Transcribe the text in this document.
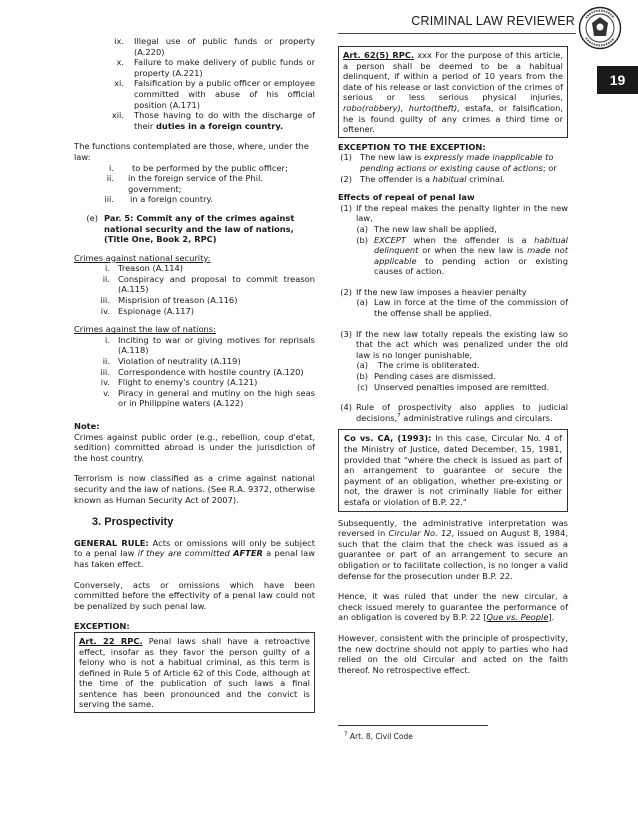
CRIMINAL LAW REVIEWER
19
ix.	Illegal use of public funds or property (A.220)
x.	Failure to make delivery of public funds or property (A.221)
xi.	Falsification by a public officer or employee committed with abuse of his official position (A.171)
xii.	Those having to do with the discharge of their duties in a foreign country.

The functions contemplated are those, where, under the law:

i.	to be performed by the public officer;
ii.	in the foreign service of the Phil. government;
iii.	in a foreign country.
(e) Par. 5: Commit any of the crimes against national security and the law of nations, (Title One, Book 2, RPC)

Crimes against national security:

i. Treason (A.114)
ii. Conspiracy and proposal to commit treason (A.115)
iii. Misprision of treason (A.116)
iv. Espionage (A.117)

Crimes against the law of nations:

i. Inciting to war or giving motives for reprisals (A.118)
ii. Violation of neutrality (A.119)
iii. Correspondence with hostile country (A.120)
iv. Flight to enemy's country (A.121)
v. Piracy in general and mutiny on the high seas or in Philippine waters (A.122)

Note:

Crimes against public order (e.g., rebellion, coup d'etat, sedition) committed abroad is under the jurisdiction of the host country.

Terrorism is now classified as a crime against national security and the law of nations. (See R.A. 9372, otherwise known as Human Security Act of 2007).

3. Prospectivity

GENERAL RULE: Acts or omissions will only be subject to a penal law if they are committed AFTER a penal law has taken effect.

Conversely, acts or omissions which have been committed before the effectivity of a penal law could not be penalized by such penal law.

EXCEPTION:

Art. 22 RPC. Penal laws shall have a retroactive effect, insofar as they favor the person guilty of a felony who is not a habitual criminal, as this term is defined in Rule 5 of Article 62 of this Code, although at the time of the publication of such laws a final sentence has been pronounced and the convict is serving the same.
Art. 62(5) RPC. xxx For the purpose of this article, a person shall be deemed to be a habitual delinquent, if within a period of 10 years from the date of his release or last conviction of the crimes of serious or less serious physical injuries, robo(robbery), hurto(theft), estafa, or falsification, he is found guilty of any crimes a third time or oftener.

EXCEPTION TO THE EXCEPTION:

(1) The new law is expressly made inapplicable to pending actions or existing cause of actions; or
(2) The offender is a habitual criminal.

Effects of repeal of penal law

(1) If the repeal makes the penalty lighter in the new law,
(a) The new law shall be applied,
(b) EXCEPT when the offender is a habitual delinquent or when the new law is made not applicable to pending action or existing causes of action.
(2) If the new law imposes a heavier penalty
(a) Law in force at the time of the commission of the offense shall be applied.
(3) If the new law totally repeals the existing law so that the act which was penalized under the old law is no longer punishable,
(a)	The crime is obliterated.
(b) Pending cases are dismissed.
(c) Unserved penalties imposed are remitted.
(4) Rule of prospectivity also applies to judicial decisions,$^7$ administrative rulings and circulars.
Co vs. CA, (1993): In this case, Circular No. 4 of the Ministry of Justice, dated December, 15, 1981, provided that "where the check is issued as part of an arrangement to guarantee or secure the payment of an obligation, whether pre-existing or not, the drawer is not criminally liable for either estafa or violation of B.P. 22."

Subsequently, the administrative interpretation was reversed in Circular No. 12, issued on August 8, 1984, such that the claim that the check was issued as a guarantee or part of an arrangement to secure an obligation or to facilitate collection, is no longer a valid defense for the prosecution under B.P. 22.

Hence, it was ruled that under the new circular, a check issued merely to guarantee the performance of an obligation is covered by B.P. 22 [Que vs. People].

However, consistent with the principle of prospectivity, the new doctrine should not apply to parties who had relied on the old Circular and acted on the faith thereof. No retrospective effect.

$^7$ Art. 8, Civil Code
